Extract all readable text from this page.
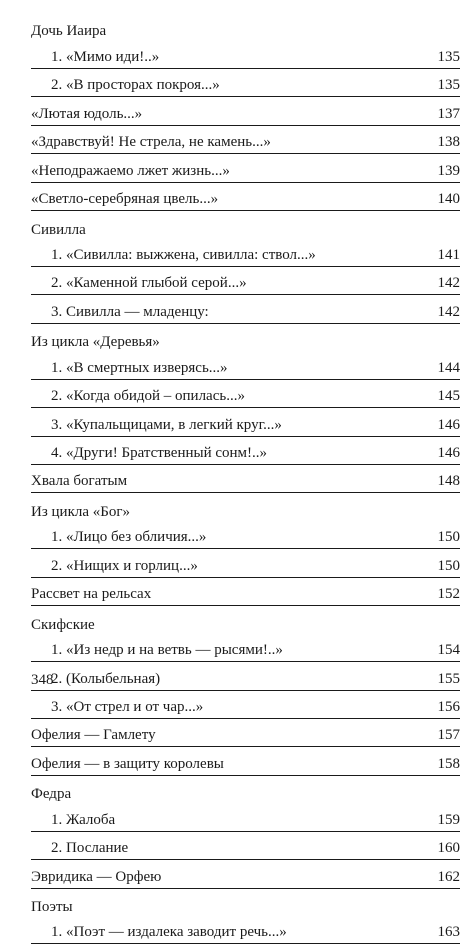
Дочь Иаира
1. «Мимо иди!..»	135
2. «В просторах покроя...»	135
«Лютая юдоль...»	137
«Здравствуй! Не стрела, не камень...»	138
«Неподражаемо лжет жизнь...»	139
«Светло-серебряная цвель...»	140
Сивилла
1. «Сивилла: выжжена, сивилла: ствол...»	141
2. «Каменной глыбой серой...»	142
3. Сивилла — младенцу:	142
Из цикла «Деревья»
1. «В смертных изверясь...»	144
2. «Когда обидой – опилась...»	145
3. «Купальщицами, в легкий круг...»	146
4. «Други! Братственный сонм!..»	146
Хвала богатым	148
Из цикла «Бог»
1. «Лицо без обличия...»	150
2. «Нищих и горлиц...»	150
Рассвет на рельсах	152
Скифские
1. «Из недр и на ветвь — рысями!..»	154
2. (Колыбельная)	155
3. «От стрел и от чар...»	156
Офелия — Гамлету	157
Офелия — в защиту королевы	158
Федра
1. Жалоба	159
2. Послание	160
Эвридика — Орфею	162
Поэты
1. «Поэт — издалека заводит речь...»	163
348
